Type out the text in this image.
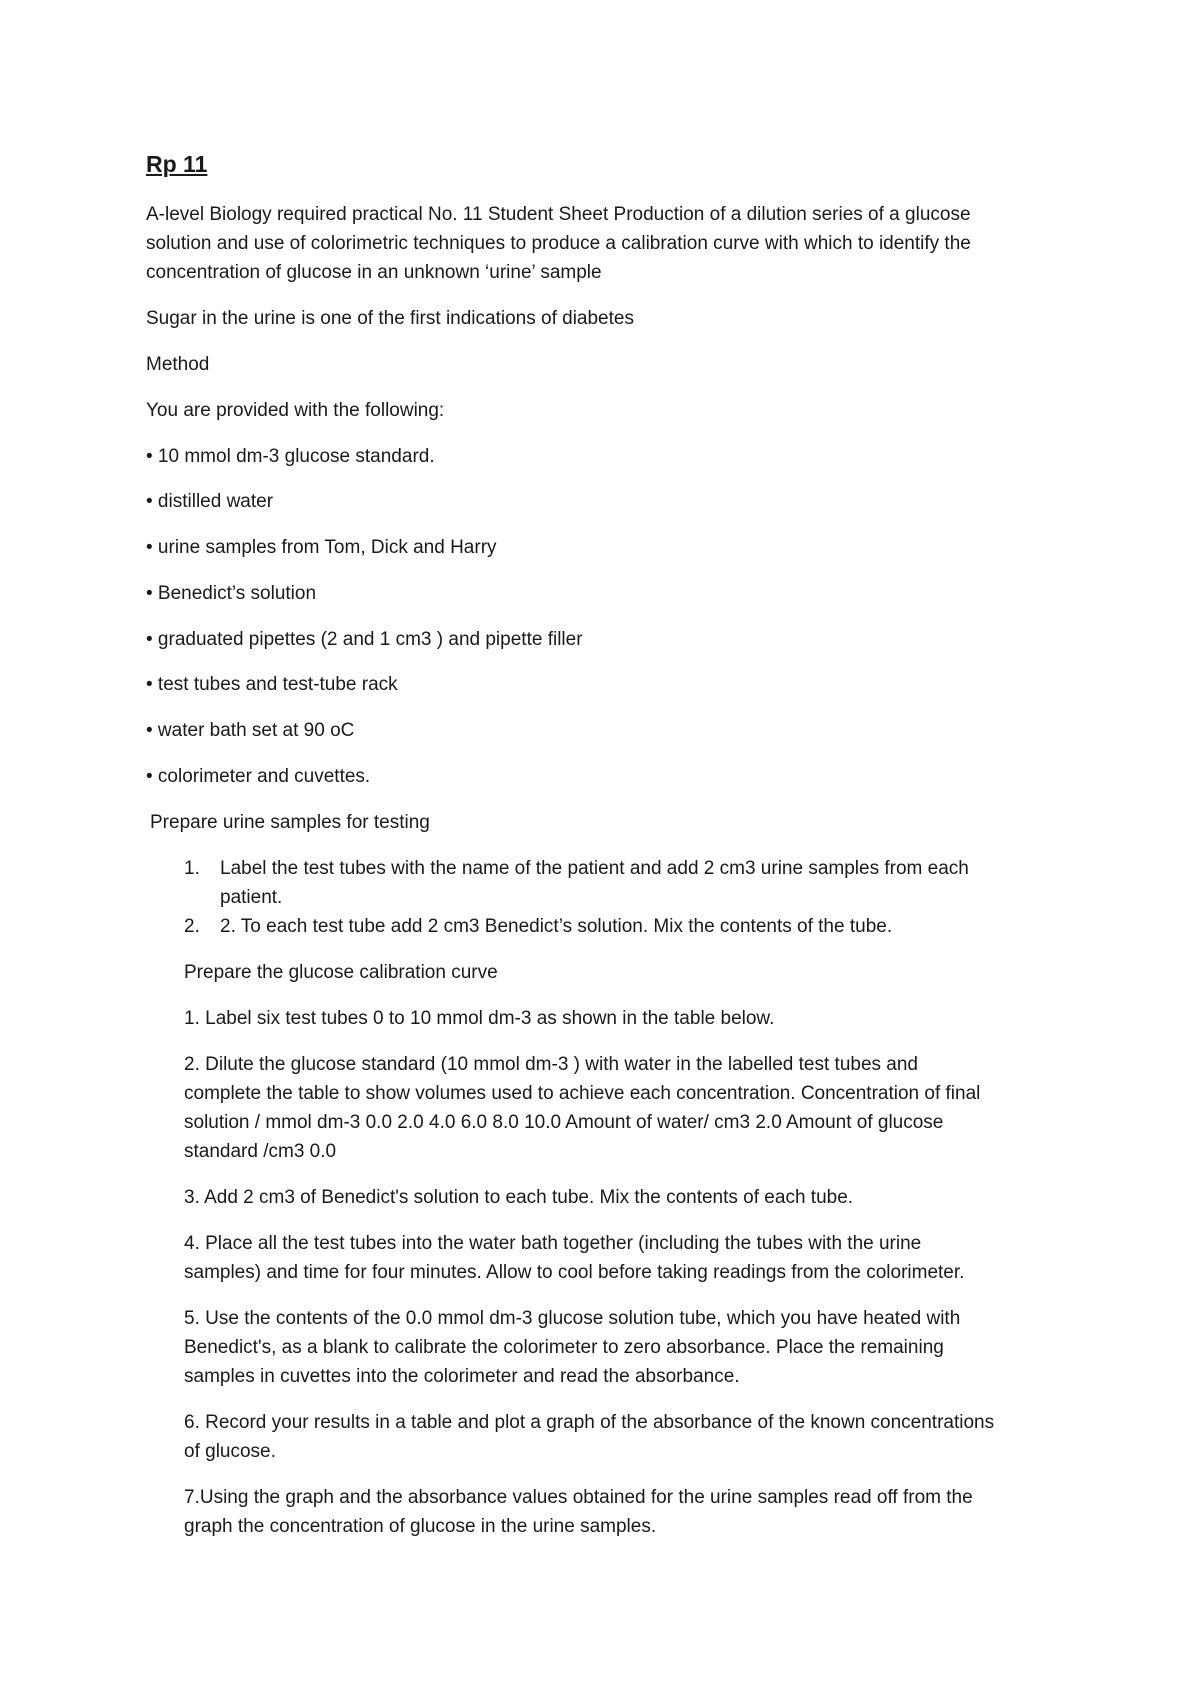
Rp 11
A-level Biology required practical No. 11 Student Sheet Production of a dilution series of a glucose
solution and use of colorimetric techniques to produce a calibration curve with which to identify the
concentration of glucose in an unknown ‘urine’ sample
Sugar in the urine is one of the first indications of diabetes
Method
You are provided with the following:
• 10 mmol dm-3 glucose standard.
• distilled water
• urine samples from Tom, Dick and Harry
• Benedict’s solution
• graduated pipettes (2 and 1 cm3 ) and pipette filler
• test tubes and test-tube rack
• water bath set at 90 oC
• colorimeter and cuvettes.
Prepare urine samples for testing
1. Label the test tubes with the name of the patient and add 2 cm3 urine samples from each
patient.
2. 2. To each test tube add 2 cm3 Benedict’s solution. Mix the contents of the tube.
Prepare the glucose calibration curve
1. Label six test tubes 0 to 10 mmol dm-3 as shown in the table below.
2. Dilute the glucose standard (10 mmol dm-3 ) with water in the labelled test tubes and
complete the table to show volumes used to achieve each concentration. Concentration of final
solution / mmol dm-3 0.0 2.0 4.0 6.0 8.0 10.0 Amount of water/ cm3 2.0 Amount of glucose
standard /cm3 0.0
3. Add 2 cm3 of Benedict's solution to each tube. Mix the contents of each tube.
4. Place all the test tubes into the water bath together (including the tubes with the urine
samples) and time for four minutes. Allow to cool before taking readings from the colorimeter.
5. Use the contents of the 0.0 mmol dm-3 glucose solution tube, which you have heated with
Benedict's, as a blank to calibrate the colorimeter to zero absorbance. Place the remaining
samples in cuvettes into the colorimeter and read the absorbance.
6. Record your results in a table and plot a graph of the absorbance of the known concentrations
of glucose.
7.Using the graph and the absorbance values obtained for the urine samples read off from the
graph the concentration of glucose in the urine samples.
